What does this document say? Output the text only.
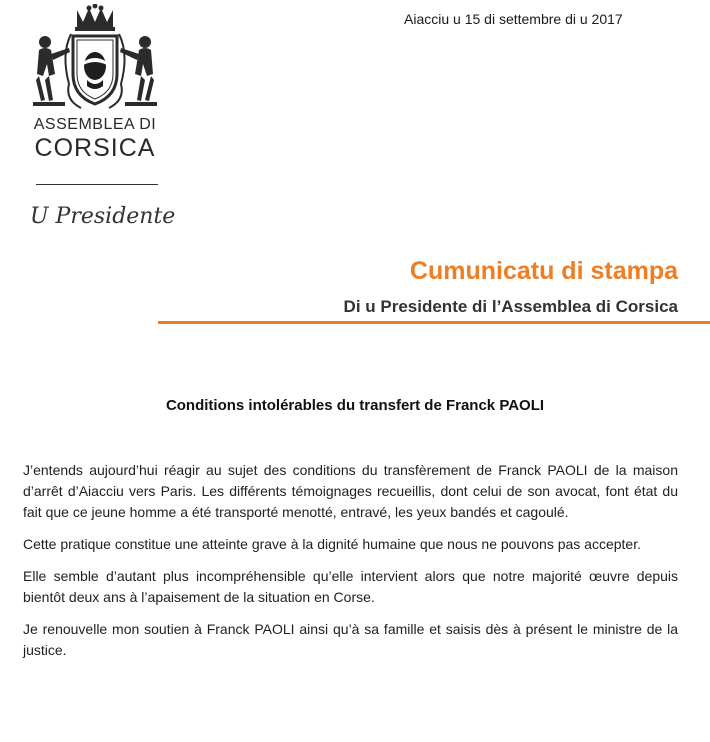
ASSEMBLEA DI
CORSICA
U Presidente
Aiacciu u 15 di settembre di u 2017
Cumunicatu di stampa
Di u Presidente di l’Assemblea di Corsica
Conditions intolérables du transfert de Franck PAOLI

J’entends aujourd’hui réagir au sujet des conditions du transfèrement de Franck PAOLI de la maison d’arrêt d’Aiacciu vers Paris. Les différents témoignages recueillis, dont celui de son avocat, font état du fait que ce jeune homme a été transporté menotté, entravé, les yeux bandés et cagoulé.

Cette pratique constitue une atteinte grave à la dignité humaine que nous ne pouvons pas accepter.

Elle semble d’autant plus incompréhensible qu’elle intervient alors que notre majorité œuvre depuis bientôt deux ans à l’apaisement de la situation en Corse.

Je renouvelle mon soutien à Franck PAOLI ainsi qu’à sa famille et saisis dès à présent le ministre de la justice.
